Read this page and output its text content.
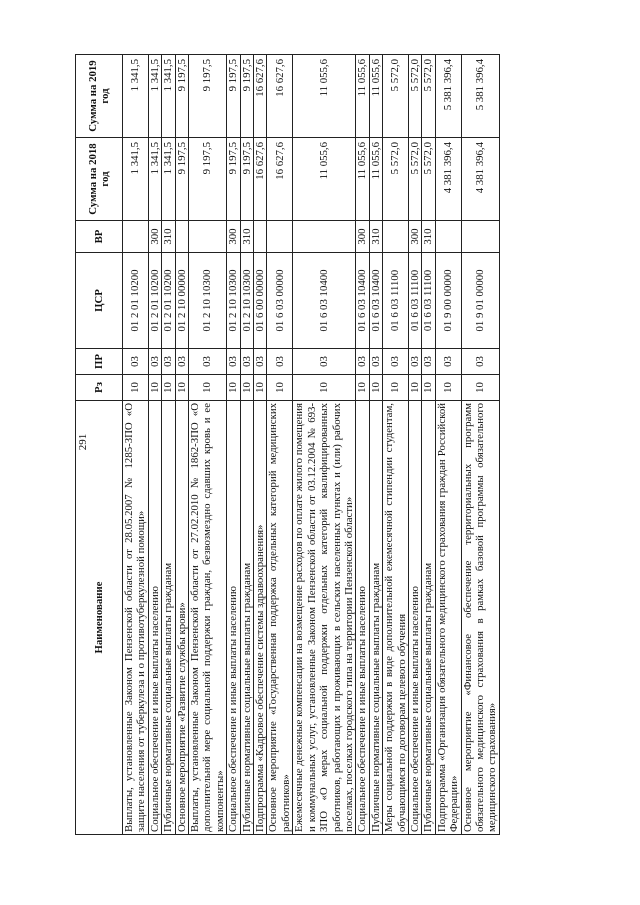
291
Наименование	Рз	ПР	ЦСР	ВР	Сумма на 2018 год	Сумма на 2019 год
Выплаты, установленные Законом Пензенской области от 28.05.2007 № 1285-ЗПО «О защите населения от туберкулеза и о противотуберкулезной помощи»	10	03	01 2 01 10200		1 341,5	1 341,5
Социальное обеспечение и иные выплаты населению	10	03	01 2 01 10200	300	1 341,5	1 341,5
Публичные нормативные социальные выплаты гражданам	10	03	01 2 01 10200	310	1 341,5	1 341,5
Основное мероприятие «Развитие службы крови»	10	03	01 2 10 00000		9 197,5	9 197,5
Выплаты, установленные Законом Пензенской области от 27.02.2010 № 1862-ЗПО «О дополнительной мере социальной поддержки граждан, безвозмездно сдавших кровь и ее компоненты»	10	03	01 2 10 10300		9 197,5	9 197,5
Социальное обеспечение и иные выплаты населению	10	03	01 2 10 10300	300	9 197,5	9 197,5
Публичные нормативные социальные выплаты гражданам	10	03	01 2 10 10300	310	9 197,5	9 197,5
Подпрограмма «Кадровое обеспечение системы здравоохранения»	10	03	01 6 00 00000		16 627,6	16 627,6
Основное мероприятие «Государственная поддержка отдельных категорий медицинских работников»	10	03	01 6 03 00000		16 627,6	16 627,6
Ежемесячные денежные компенсации на возмещение расходов по оплате жилого помещения и коммунальных услуг, установленные Законом Пензенской области от 03.12.2004 № 693-ЗПО «О мерах социальной поддержки отдельных категорий квалифицированных работников, работающих и проживающих в сельских населенных пунктах и (или) рабочих поселках, поселках городского типа на территории Пензенской области»	10	03	01 6 03 10400		11 055,6	11 055,6
Социальное обеспечение и иные выплаты населению	10	03	01 6 03 10400	300	11 055,6	11 055,6
Публичные нормативные социальные выплаты гражданам	10	03	01 6 03 10400	310	11 055,6	11 055,6
Меры социальной поддержки в виде дополнительной ежемесячной стипендии студентам, обучающимся по договорам целевого обучения	10	03	01 6 03 11100		5 572,0	5 572,0
Социальное обеспечение и иные выплаты населению	10	03	01 6 03 11100	300	5 572,0	5 572,0
Публичные нормативные социальные выплаты гражданам	10	03	01 6 03 11100	310	5 572,0	5 572,0
Подпрограмма «Организация обязательного медицинского страхования граждан Российской Федерации»	10	03	01 9 00 00000		4 381 396,4	5 381 396,4
Основное мероприятие «Финансовое обеспечение территориальных программ обязательного медицинского страхования в рамках базовой программы обязательного медицинского страхования»	10	03	01 9 01 00000		4 381 396,4	5 381 396,4
